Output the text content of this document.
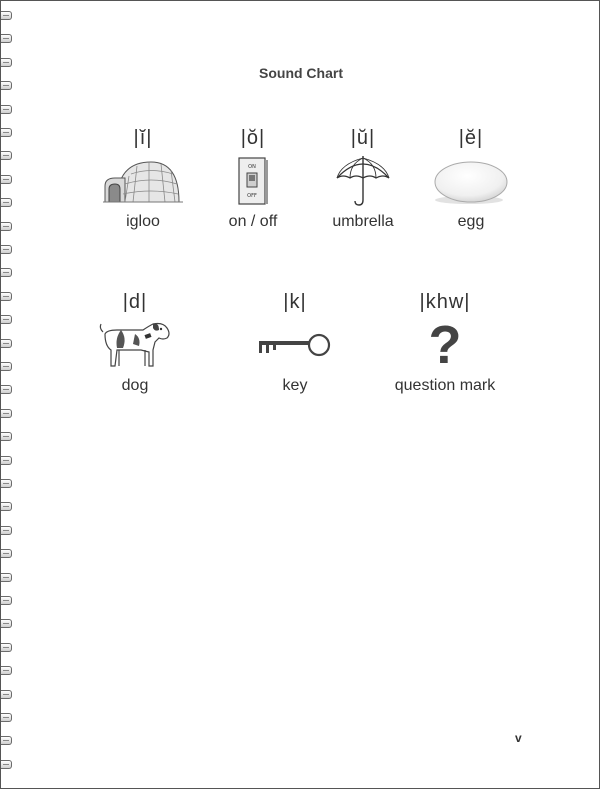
Sound Chart
|ĭ|
igloo
|ŏ|
ON
OFF
on / off
|ŭ|
umbrella
|ĕ|
egg
|d|
dog
|k|
key
|khw|
?
question mark
v
